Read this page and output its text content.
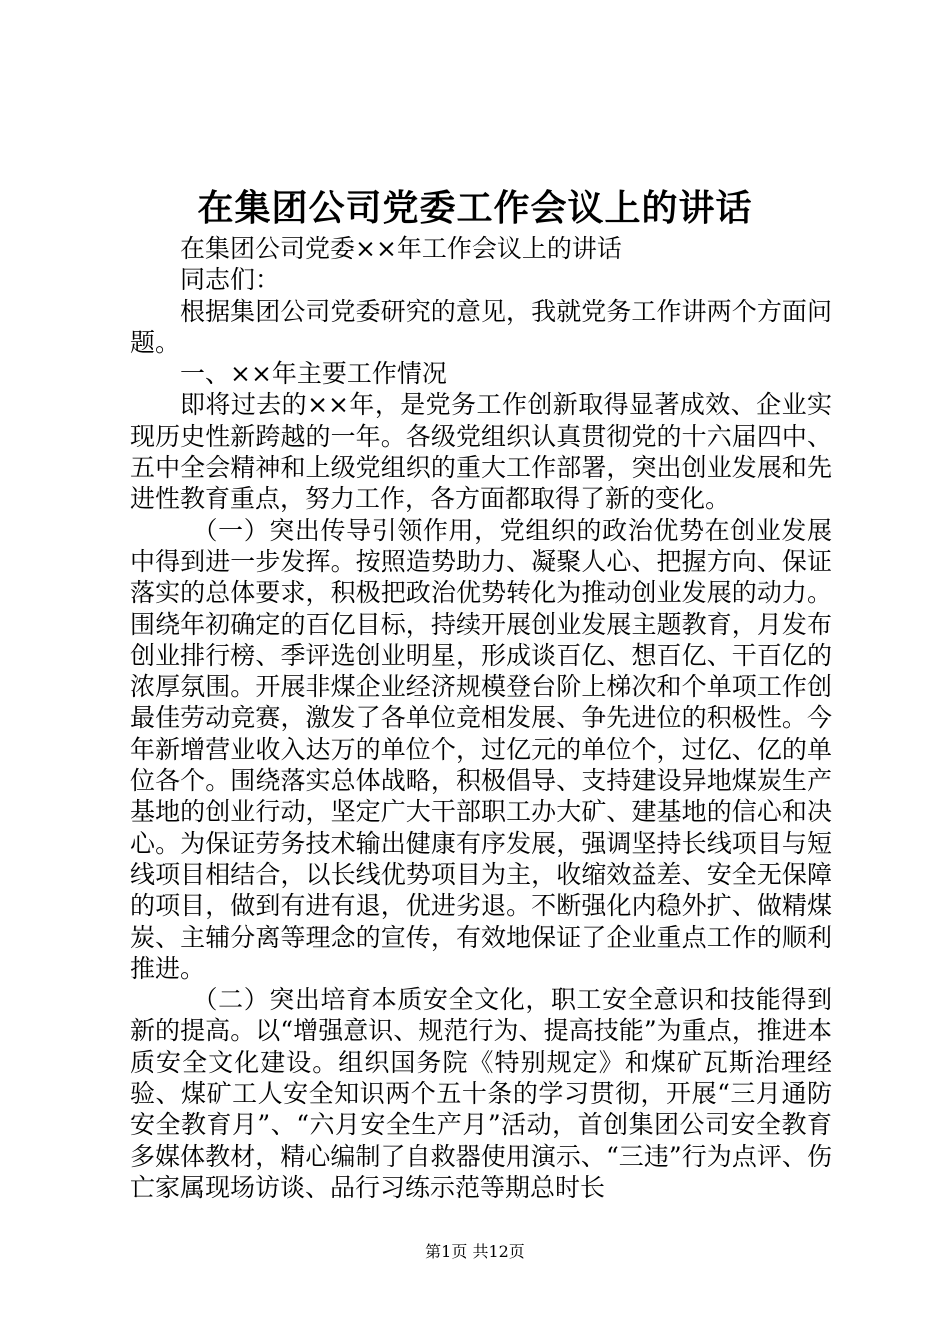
在集团公司党委工作会议上的讲话

在集团公司党委××年工作会议上的讲话

同志们：

根据集团公司党委研究的意见，我就党务工作讲两个方面问题。

一、××年主要工作情况

即将过去的××年，是党务工作创新取得显著成效、企业实现历史性新跨越的一年。各级党组织认真贯彻党的十六届四中、五中全会精神和上级党组织的重大工作部署，突出创业发展和先进性教育重点，努力工作，各方面都取得了新的变化。

（一）突出传导引领作用，党组织的政治优势在创业发展中得到进一步发挥。按照造势助力、凝聚人心、把握方向、保证落实的总体要求，积极把政治优势转化为推动创业发展的动力。围绕年初确定的百亿目标，持续开展创业发展主题教育，月发布创业排行榜、季评选创业明星，形成谈百亿、想百亿、干百亿的浓厚氛围。开展非煤企业经济规模登台阶上梯次和个单项工作创最佳劳动竞赛，激发了各单位竞相发展、争先进位的积极性。今年新增营业收入达万的单位个，过亿元的单位个，过亿、亿的单位各个。围绕落实总体战略，积极倡导、支持建设异地煤炭生产基地的创业行动，坚定广大干部职工办大矿、建基地的信心和决心。为保证劳务技术输出健康有序发展，强调坚持长线项目与短线项目相结合，以长线优势项目为主，收缩效益差、安全无保障的项目，做到有进有退，优进劣退。不断强化内稳外扩、做精煤炭、主辅分离等理念的宣传，有效地保证了企业重点工作的顺利推进。

（二）突出培育本质安全文化，职工安全意识和技能得到新的提高。以“增强意识、规范行为、提高技能”为重点，推进本质安全文化建设。组织国务院《特别规定》和煤矿瓦斯治理经验、煤矿工人安全知识两个五十条的学习贯彻，开展“三月通防安全教育月”、“六月安全生产月”活动，首创集团公司安全教育多媒体教材，精心编制了自救器使用演示、“三违”行为点评、伤亡家属现场访谈、品行习练示范等期总时长

第1页 共12页
